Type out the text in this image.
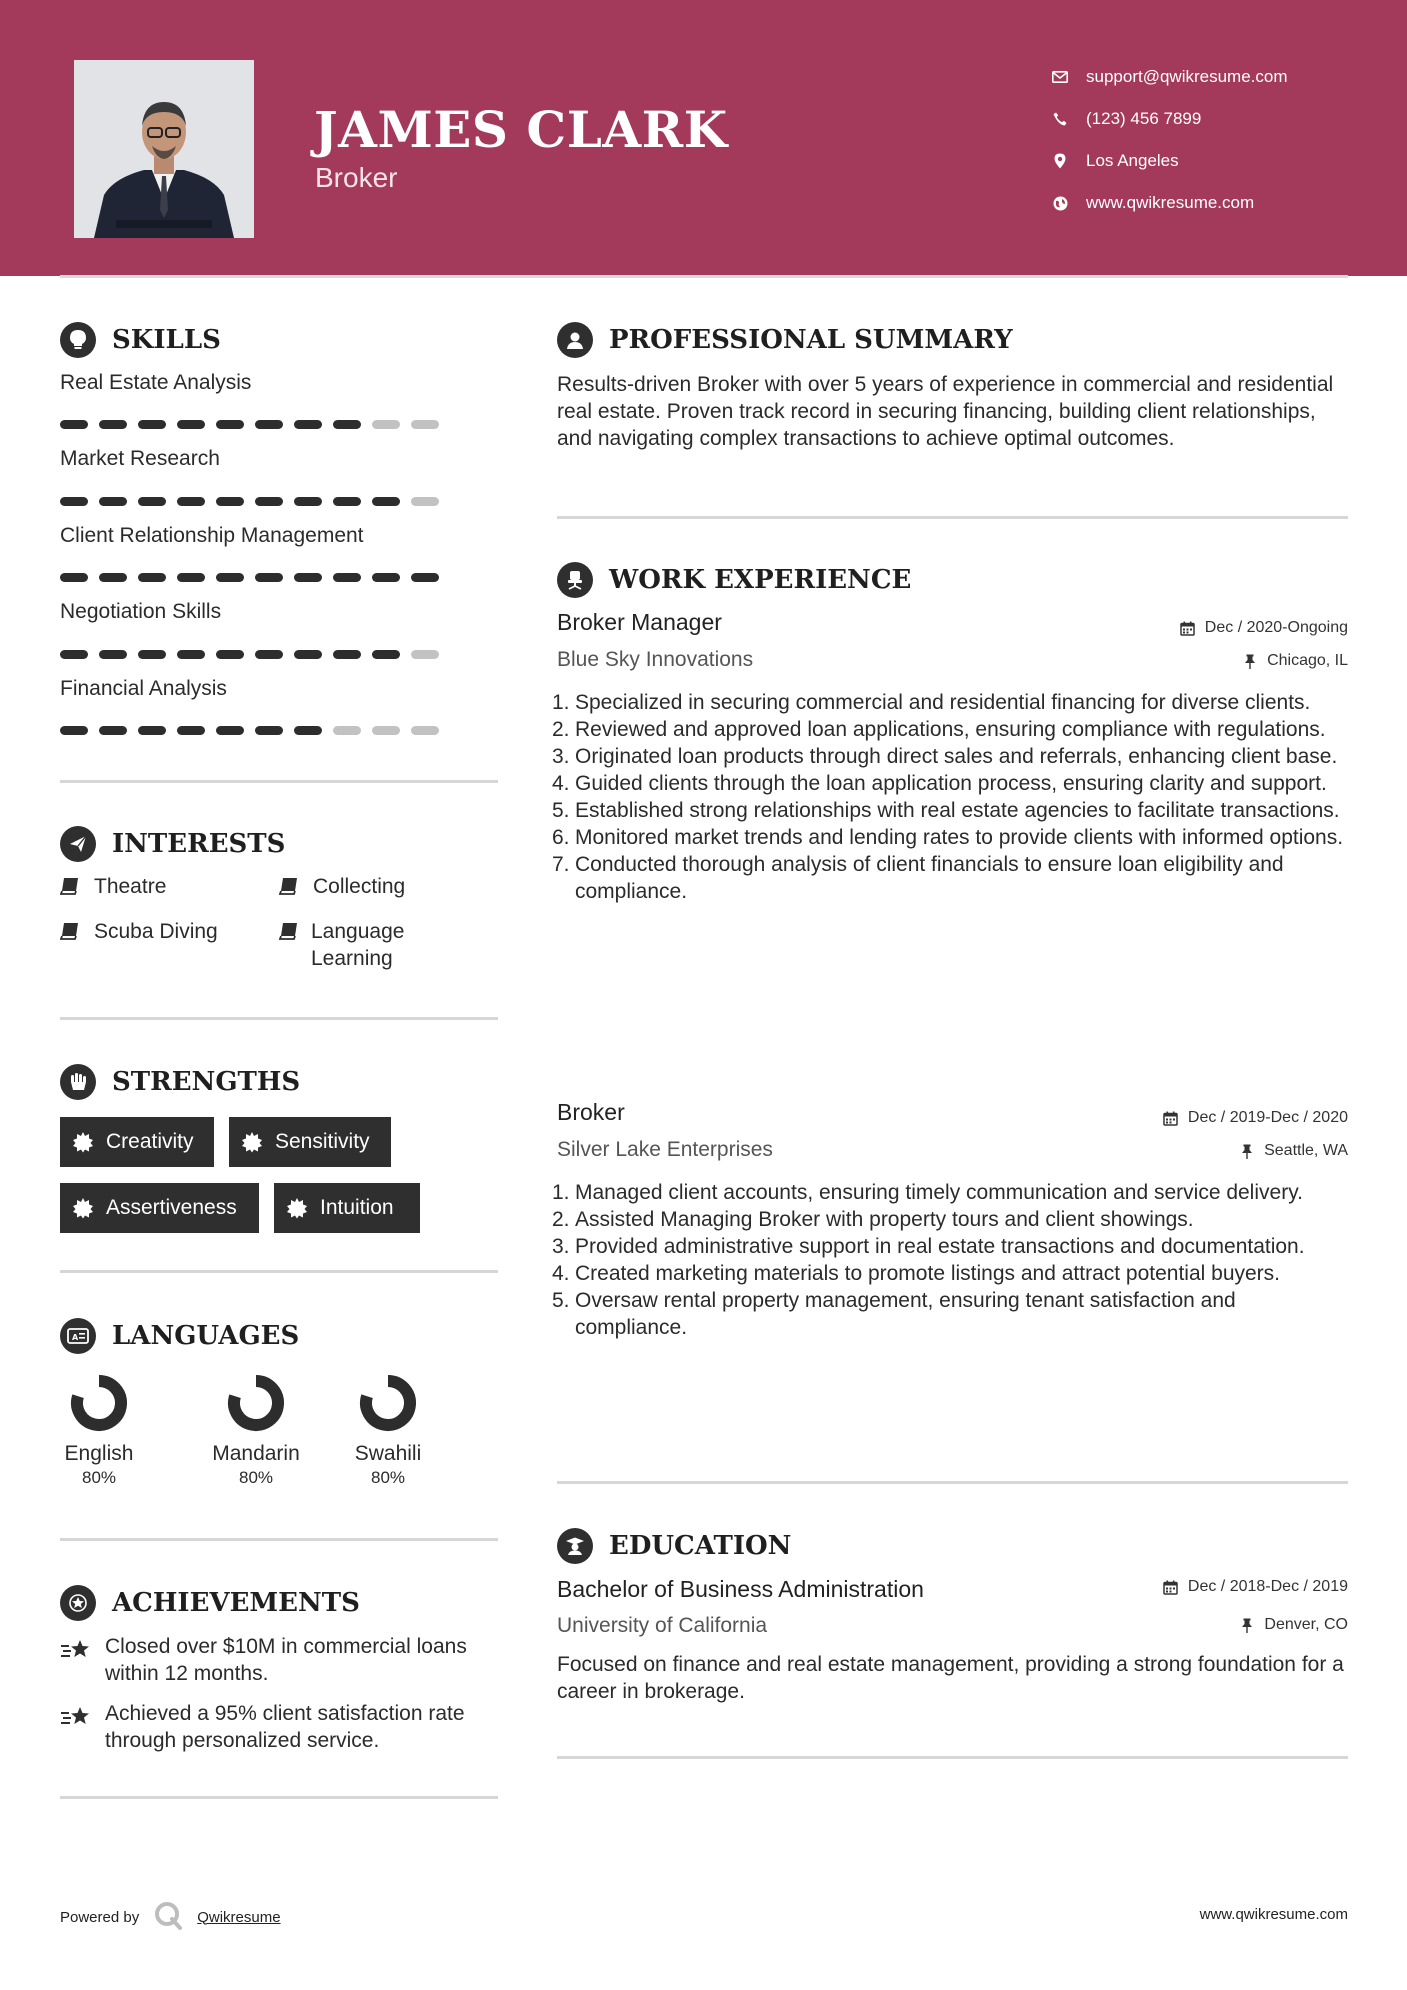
JAMES CLARK
Broker
support@qwikresume.com
(123) 456 7899
Los Angeles
www.qwikresume.com
SKILLS
Real Estate Analysis
Market Research
Client Relationship Management
Negotiation Skills
Financial Analysis
INTERESTS
Theatre	Collecting
Scuba Diving	Language Learning
STRENGTHS
Creativity	Sensitivity
Assertiveness	Intuition
A LANGUAGES
English
80%
Mandarin
80%
Swahili
80%
ACHIEVEMENTS
Closed over $10M in commercial loans within 12 months.
Achieved a 95% client satisfaction rate through personalized service.
PROFESSIONAL SUMMARY
Results-driven Broker with over 5 years of experience in commercial and residential real estate. Proven track record in securing financing, building client relationships, and navigating complex transactions to achieve optimal outcomes.
WORK EXPERIENCE
Broker Manager	Dec / 2020-Ongoing
Blue Sky Innovations	Chicago, IL
1. Specialized in securing commercial and residential financing for diverse clients.
2. Reviewed and approved loan applications, ensuring compliance with regulations.
3. Originated loan products through direct sales and referrals, enhancing client base.
4. Guided clients through the loan application process, ensuring clarity and support.
5. Established strong relationships with real estate agencies to facilitate transactions.
6. Monitored market trends and lending rates to provide clients with informed options.
7. Conducted thorough analysis of client financials to ensure loan eligibility and compliance.
Broker	Dec / 2019-Dec / 2020
Silver Lake Enterprises	Seattle, WA
1. Managed client accounts, ensuring timely communication and service delivery.
2. Assisted Managing Broker with property tours and client showings.
3. Provided administrative support in real estate transactions and documentation.
4. Created marketing materials to promote listings and attract potential buyers.
5. Oversaw rental property management, ensuring tenant satisfaction and compliance.
EDUCATION
Bachelor of Business Administration	Dec / 2018-Dec / 2019
University of California	Denver, CO
Focused on finance and real estate management, providing a strong foundation for a career in brokerage.
Powered by	Qwikresume	www.qwikresume.com
